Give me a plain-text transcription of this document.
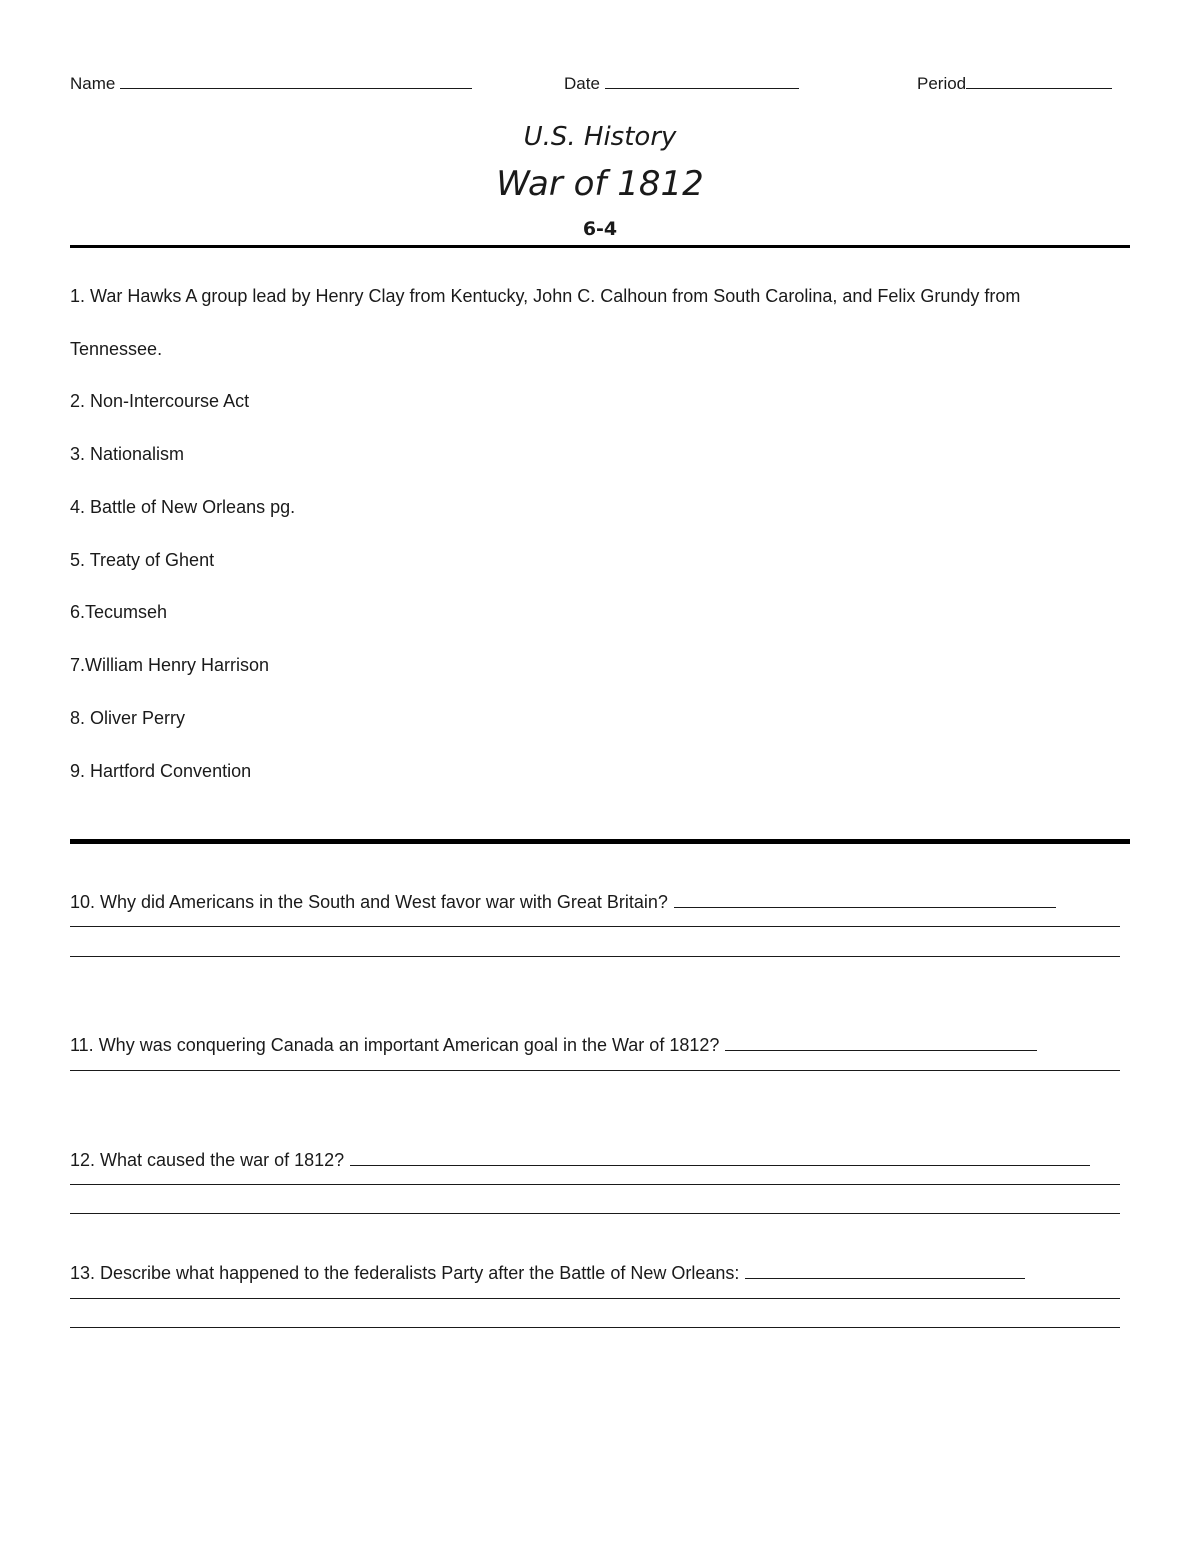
Name	Date	Period
U.S. History
War of 1812
6-4
1. War Hawks A group lead by Henry Clay from Kentucky, John C. Calhoun from South Carolina, and Felix Grundy from
Tennessee.
2. Non-Intercourse Act
3. Nationalism
4. Battle of New Orleans pg.
5. Treaty of Ghent
6.Tecumseh
7.William Henry Harrison
8. Oliver Perry
9. Hartford Convention
10. Why did Americans in the South and West favor war with Great Britain?
11. Why was conquering Canada an important American goal in the War of 1812?
12. What caused the war of 1812?
13. Describe what happened to the federalists Party after the Battle of New Orleans:
